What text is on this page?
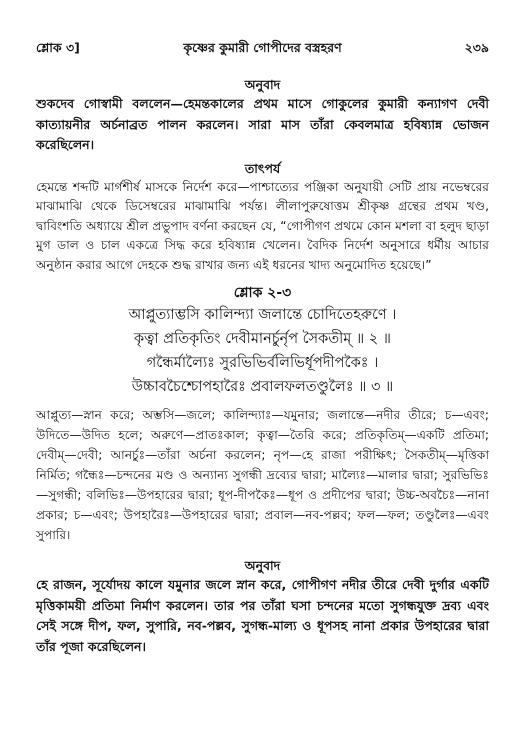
শ্লোক ৩]	কৃষ্ণের কুমারী গোপীদের বস্ত্রহরণ	২৩৯
অনুবাদ

শুকদেব গোস্বামী বললেন—হেমন্তকালের প্রথম মাসে গোকুলের কুমারী কন্যাগণ দেবী কাত্যায়নীর অর্চনাব্রত পালন করলেন। সারা মাস তাঁরা কেবলমাত্র হবিষ্যান্ন ভোজন করেছিলেন।

তাৎপর্য

হেমন্তে শব্দটি মার্গশীর্ষ মাসকে নির্দেশ করে—পাশ্চাত্যের পঞ্জিকা অনুযায়ী সেটি প্রায় নভেম্বরের মাঝামাঝি থেকে ডিসেম্বরের মাঝামাঝি পর্যন্ত। লীলাপুরুষোত্তম শ্রীকৃষ্ণ গ্রন্থের প্রথম খণ্ড, দ্বাবিংশতি অধ্যায়ে শ্রীল প্রভুপাদ বর্ণনা করছেন যে, “গোপীগণ প্রথমে কোন মশলা বা হলুদ ছাড়া মুগ ডাল ও চাল একত্রে সিদ্ধ করে হবিষ্যান্ন খেলেন। বৈদিক নির্দেশ অনুসারে ধর্মীয় আচার অনুষ্ঠান করার আগে দেহকে শুদ্ধ রাখার জন্য এই ধরনের খাদ্য অনুমোদিত হয়েছে।”

শ্লোক ২-৩
আপ্লুত্যাম্ভসি কালিন্দ্যা জলান্তে চোদিতেহরুণে ।
কৃত্বা প্রতিকৃতিং দেবীমানর্চুর্নৃপ সৈকতীম্ ॥ ২ ॥
গন্ধৈর্মাল্যৈঃ সুরভিভির্বলিভির্ধূপদীপকৈঃ ।
উচ্চাবচৈশ্চোপহারৈঃ প্রবালফলতণ্ডুলৈঃ ॥ ৩ ॥

আপ্লুত্য—স্নান করে; অম্ভসি—জলে; কালিন্দ্যাঃ—যমুনার; জলান্তে—নদীর তীরে; চ—এবং; উদিতে—উদিত হলে; অরুণে—প্রাতঃকাল; কৃত্বা—তৈরি করে; প্রতিকৃতিম্—একটি প্রতিমা; দেবীম্—দেবী; আনর্চুঃ—তাঁরা অর্চনা করলেন; নৃপ—হে রাজা পরীক্ষিৎ; সৈকতীম্—মৃত্তিকা নির্মিত; গন্ধৈঃ—চন্দনের মণ্ড ও অন্যান্য সুগন্ধী দ্রব্যের দ্বারা; মাল্যৈঃ—মালার দ্বারা; সুরভিভিঃ—সুগন্ধী; বলিভিঃ—উপহারের দ্বারা; ধূপ-দীপকৈঃ—ধূপ ও প্রদীপের দ্বারা; উচ্চ-অবচৈঃ—নানা প্রকার; চ—এবং; উপহারৈঃ—উপহারের দ্বারা; প্রবাল—নব-পল্লব; ফল—ফল; তণ্ডুলৈঃ—এবং সুপারি।

অনুবাদ

হে রাজন, সূর্যোদয় কালে যমুনার জলে স্নান করে, গোপীগণ নদীর তীরে দেবী দুর্গার একটি মৃত্তিকাময়ী প্রতিমা নির্মাণ করলেন। তার পর তাঁরা ঘসা চন্দনের মতো সুগন্ধযুক্ত দ্রব্য এবং সেই সঙ্গে দীপ, ফল, সুপারি, নব-পল্লব, সুগন্ধ-মাল্য ও ধূপসহ নানা প্রকার উপহারের দ্বারা তাঁর পূজা করেছিলেন।
